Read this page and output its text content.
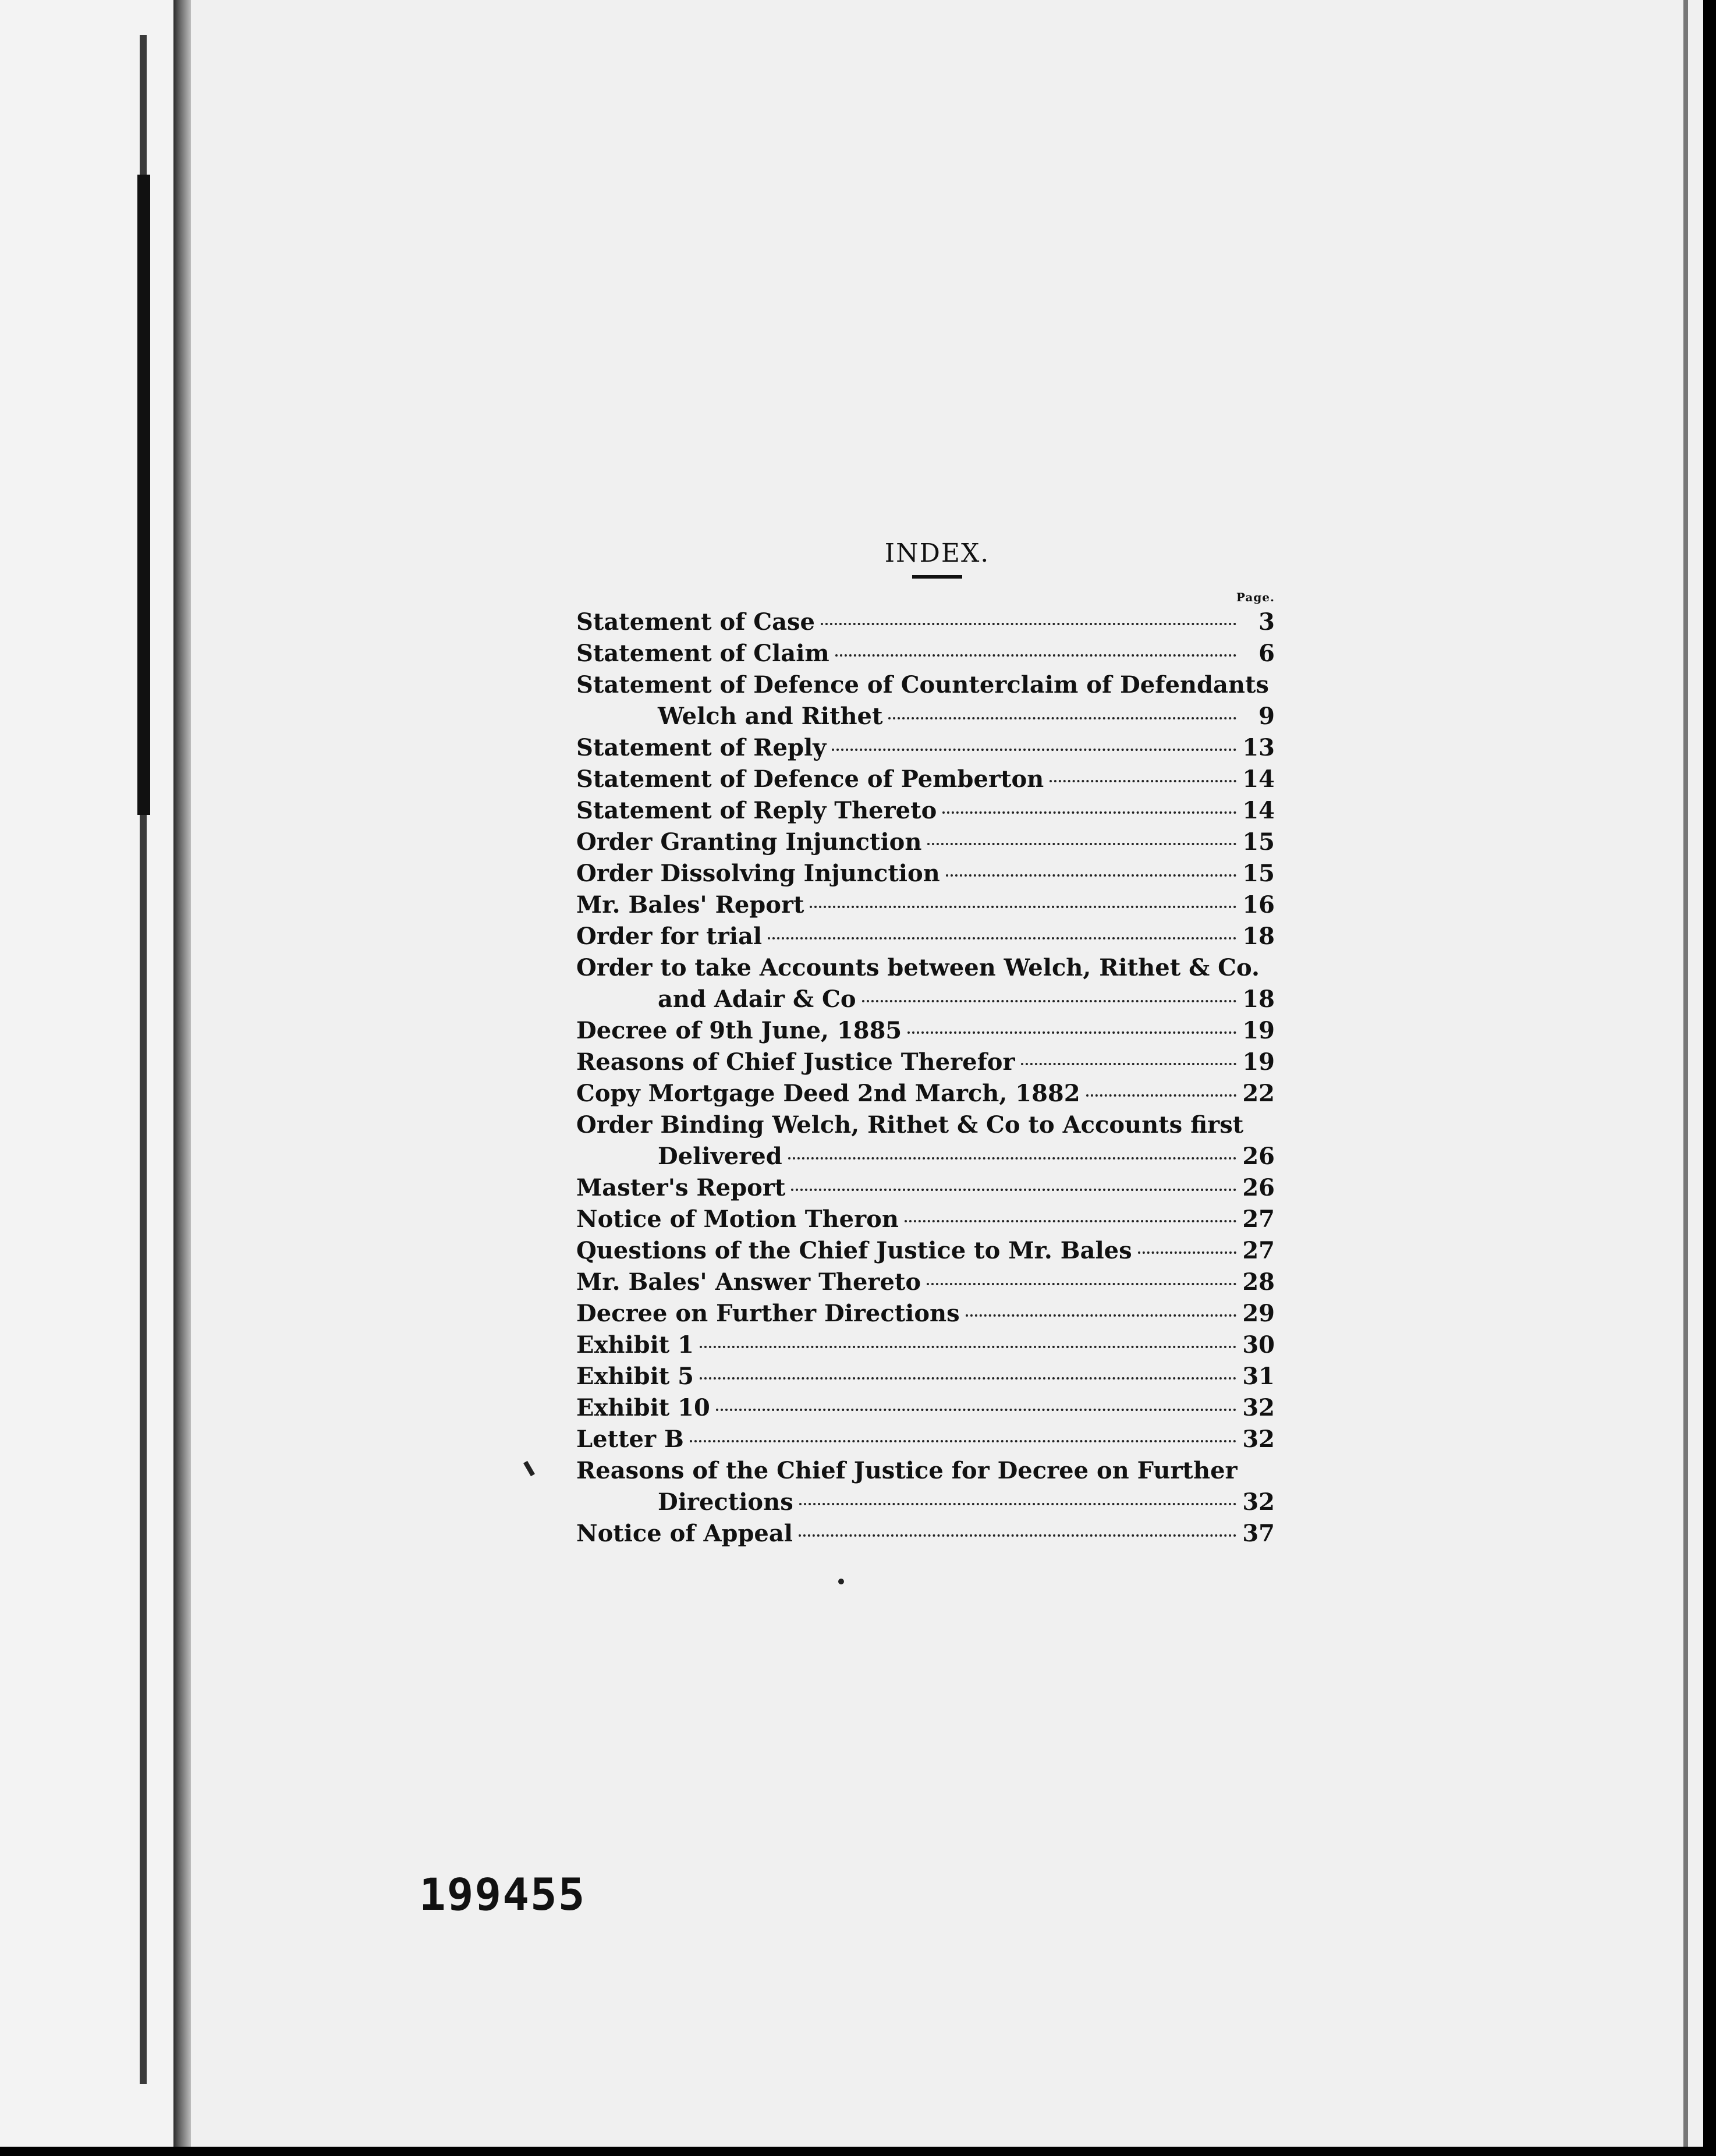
INDEX.
Page.
Statement of Case	3
Statement of Claim	6
Statement of Defence of Counterclaim of Defendants
Welch and Rithet	9
Statement of Reply	13
Statement of Defence of Pemberton	14
Statement of Reply Thereto	14
Order Granting Injunction	15
Order Dissolving Injunction	15
Mr. Bales' Report	16
Order for trial	18
Order to take Accounts between Welch, Rithet & Co.
and Adair & Co	18
Decree of 9th June, 1885	19
Reasons of Chief Justice Therefor	19
Copy Mortgage Deed 2nd March, 1882	22
Order Binding Welch, Rithet & Co to Accounts first
Delivered	26
Master's Report	26
Notice of Motion Theron	27
Questions of the Chief Justice to Mr. Bales	27
Mr. Bales' Answer Thereto	28
Decree on Further Directions	29
Exhibit 1	30
Exhibit 5	31
Exhibit 10	32
Letter B	32
Reasons of the Chief Justice for Decree on Further
Directions	32
Notice of Appeal	37
199455
